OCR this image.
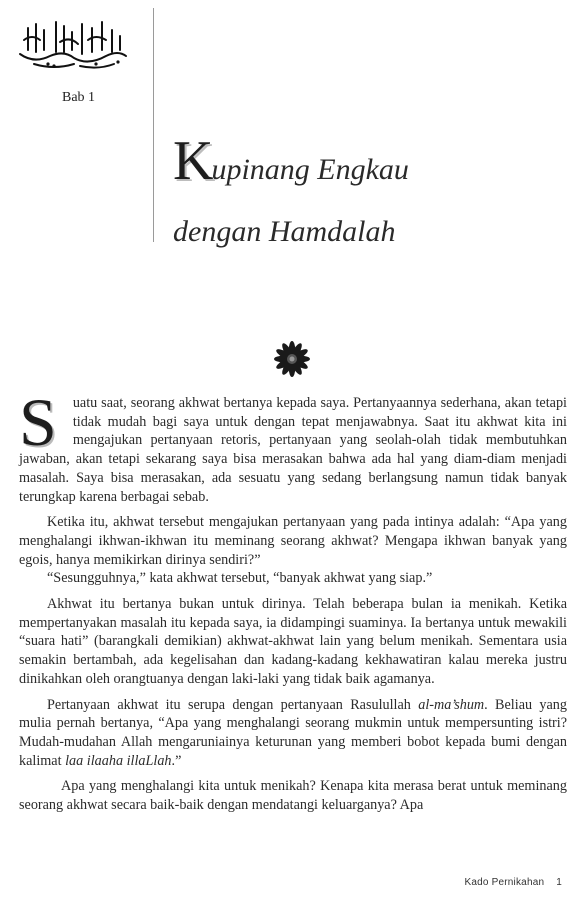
Bab 1
Kupinang Engkau
dengan Hamdalah

S uatu saat, seorang akhwat bertanya kepada saya. Pertanyaannya sederhana, akan tetapi tidak mudah bagi saya untuk dengan tepat menjawabnya. Saat itu akhwat kita ini mengajukan pertanyaan retoris, pertanyaan yang seolah-olah tidak membutuhkan jawaban, akan tetapi sekarang saya bisa merasakan bahwa ada hal yang diam-diam menjadi masalah. Saya bisa merasakan, ada sesuatu yang sedang berlangsung namun tidak banyak terungkap karena berbagai sebab.

Ketika itu, akhwat tersebut mengajukan pertanyaan yang pada intinya adalah: “Apa yang menghalangi ikhwan-ikhwan itu meminang seorang akhwat? Mengapa ikhwan banyak yang egois, hanya memikirkan dirinya sendiri?”

“Sesungguhnya,” kata akhwat tersebut, “banyak akhwat yang siap.”

Akhwat itu bertanya bukan untuk dirinya. Telah beberapa bulan ia menikah. Ketika mempertanyakan masalah itu kepada saya, ia didampingi suaminya. Ia bertanya untuk mewakili “suara hati” (barangkali demikian) akhwat-akhwat lain yang belum menikah. Sementara usia semakin bertambah, ada kegelisahan dan kadang-kadang kekhawatiran kalau mereka justru dinikahkan oleh orangtuanya dengan laki-laki yang tidak baik agamanya.

Pertanyaan akhwat itu serupa dengan pertanyaan Rasulullah al-ma’shum. Beliau yang mulia pernah bertanya, “Apa yang menghalangi seorang mukmin untuk mempersunting istri? Mudah-mudahan Allah mengaruniainya keturunan yang memberi bobot kepada bumi dengan kalimat laa ilaaha illaLlah.”

Apa yang menghalangi kita untuk menikah? Kenapa kita merasa berat untuk meminang seorang akhwat secara baik-baik dengan mendatangi keluarganya? Apa

Kado Pernikahan 1
